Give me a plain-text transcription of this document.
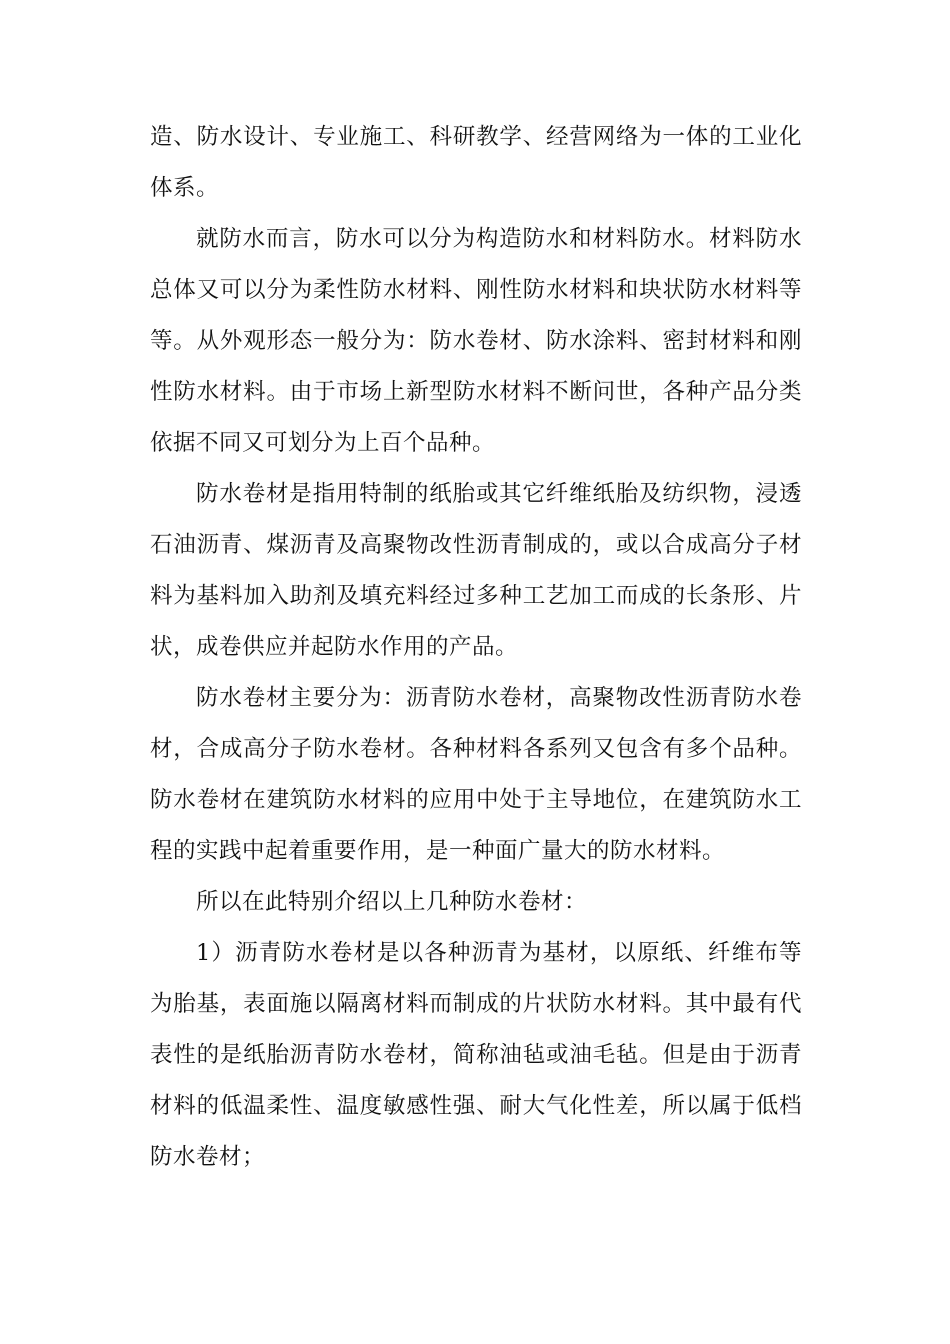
造、防水设计、专业施工、科研教学、经营网络为一体的工业化体系。

就防水而言，防水可以分为构造防水和材料防水。材料防水总体又可以分为柔性防水材料、刚性防水材料和块状防水材料等等。从外观形态一般分为：防水卷材、防水涂料、密封材料和刚性防水材料。由于市场上新型防水材料不断问世，各种产品分类依据不同又可划分为上百个品种。

防水卷材是指用特制的纸胎或其它纤维纸胎及纺织物，浸透石油沥青、煤沥青及高聚物改性沥青制成的，或以合成高分子材料为基料加入助剂及填充料经过多种工艺加工而成的长条形、片状，成卷供应并起防水作用的产品。

防水卷材主要分为：沥青防水卷材，高聚物改性沥青防水卷材，合成高分子防水卷材。各种材料各系列又包含有多个品种。防水卷材在建筑防水材料的应用中处于主导地位，在建筑防水工程的实践中起着重要作用，是一种面广量大的防水材料。

所以在此特别介绍以上几种防水卷材：

1）沥青防水卷材是以各种沥青为基材，以原纸、纤维布等为胎基，表面施以隔离材料而制成的片状防水材料。其中最有代表性的是纸胎沥青防水卷材，简称油毡或油毛毡。但是由于沥青材料的低温柔性、温度敏感性强、耐大气化性差，所以属于低档防水卷材；
